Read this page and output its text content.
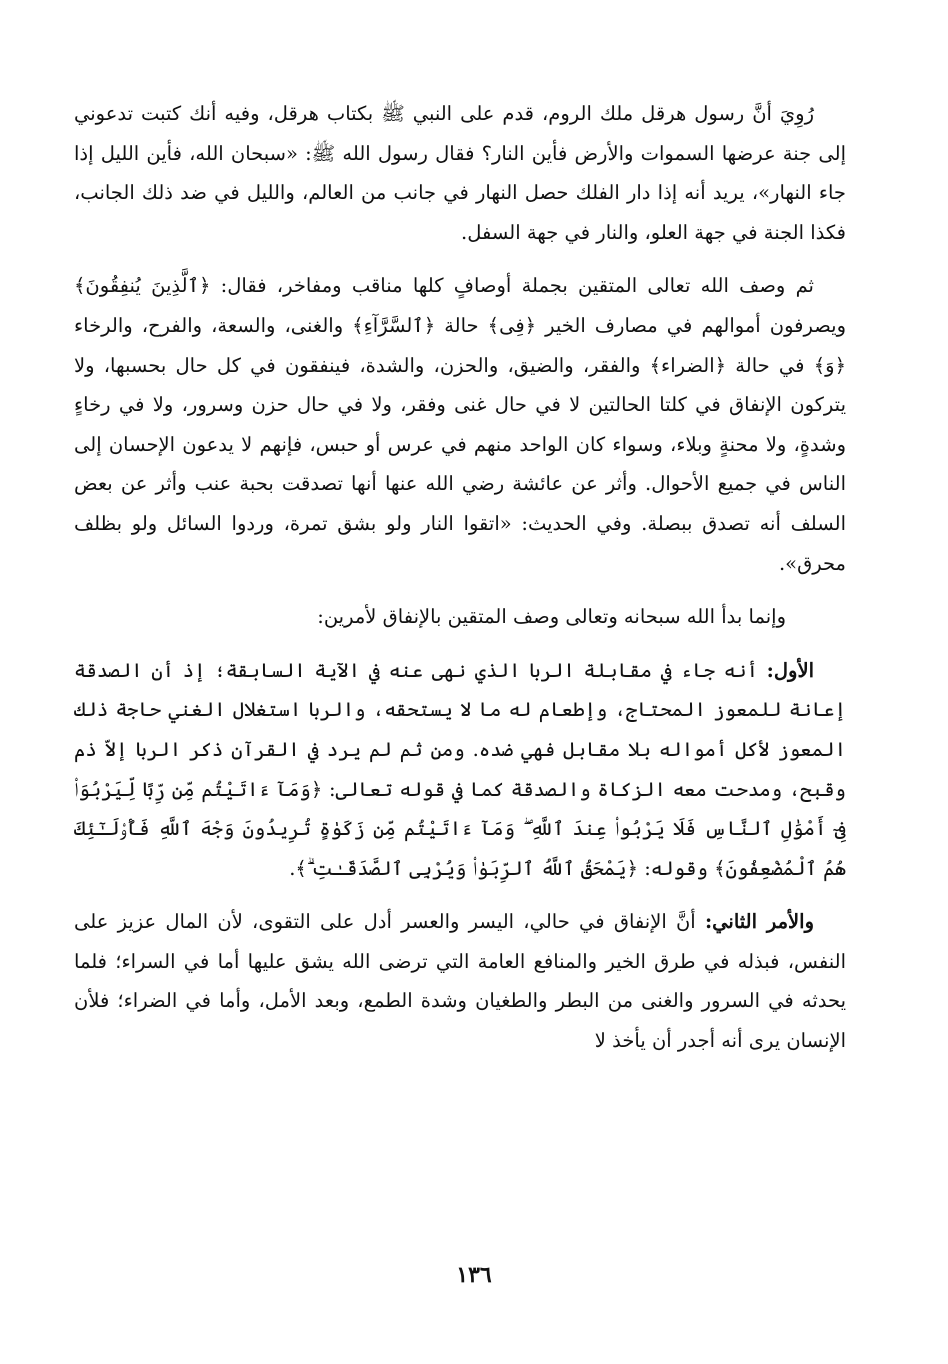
رُوِيَ أنَّ رسول هرقل ملك الروم، قدم على النبي ﷺ بكتاب هرقل، وفيه أنك كتبت تدعوني إلى جنة عرضها السموات والأرض فأين النار؟ فقال رسول الله ﷺ: «سبحان الله، فأين الليل إذا جاء النهار»، يريد أنه إذا دار الفلك حصل النهار في جانب من العالم، والليل في ضد ذلك الجانب، فكذا الجنة في جهة العلو، والنار في جهة السفل.

ثم وصف الله تعالى المتقين بجملة أوصافٍ كلها مناقب ومفاخر، فقال: ﴿ٱلَّذِينَ يُنفِقُونَ﴾ ويصرفون أموالهم في مصارف الخير ﴿فِى﴾ حالة ﴿ٱلسَّرَّآءِ﴾ والغنى، والسعة، والفرح، والرخاء ﴿وَ﴾ في حالة ﴿الضراء﴾ والفقر، والضيق، والحزن، والشدة، فينفقون في كل حال بحسبها، ولا يتركون الإنفاق في كلتا الحالتين لا في حال غنى وفقر، ولا في حال حزن وسرور، ولا في رخاءٍ وشدةٍ، ولا محنةٍ وبلاء، وسواء كان الواحد منهم في عرس أو حبس، فإنهم لا يدعون الإحسان إلى الناس في جميع الأحوال. وأثر عن عائشة رضي الله عنها أنها تصدقت بحبة عنب وأثر عن بعض السلف أنه تصدق ببصلة. وفي الحديث: «اتقوا النار ولو بشق تمرة، وردوا السائل ولو بظلف محرق».

وإنما بدأ الله سبحانه وتعالى وصف المتقين بالإنفاق لأمرين:

الأول: أنه جاء في مقابلة الربا الذي نهى عنه في الآية السابقة؛ إذ أن الصدقة إعانة للمعوز المحتاج، وإطعام له ما لا يستحقه، والربا استغلال الغني حاجة ذلك المعوز لأكل أمواله بلا مقابل فهي ضده. ومن ثم لم يرد في القرآن ذكر الربا إلاّ ذم وقبح، ومدحت معه الزكاة والصدقة كما في قوله تعالى: ﴿وَمَآ ءَاتَيْتُم مِّن رِّبًا لِّيَرْبُوَا۟ فِىٓ أَمْوَٰلِ ٱلنَّاسِ فَلَا يَرْبُوا۟ عِندَ ٱللَّهِ ۖ وَمَآ ءَاتَيْتُم مِّن زَكَوٰةٍ تُرِيدُونَ وَجْهَ ٱللَّهِ فَأُو۟لَـٰٓئِكَ هُمُ ٱلْمُضْعِفُونَ﴾ وقوله: ﴿يَمْحَقُ ٱللَّهُ ٱلرِّبَوٰا۟ وَيُرْبِى ٱلصَّدَقَـٰتِ ۗ﴾.

والأمر الثاني: أنَّ الإنفاق في حالي، اليسر والعسر أدل على التقوى، لأن المال عزيز على النفس، فبذله في طرق الخير والمنافع العامة التي ترضى الله يشق عليها أما في السراء؛ فلما يحدثه في السرور والغنى من البطر والطغيان وشدة الطمع، وبعد الأمل، وأما في الضراء؛ فلأن الإنسان يرى أنه أجدر أن يأخذ لا

١٣٦
